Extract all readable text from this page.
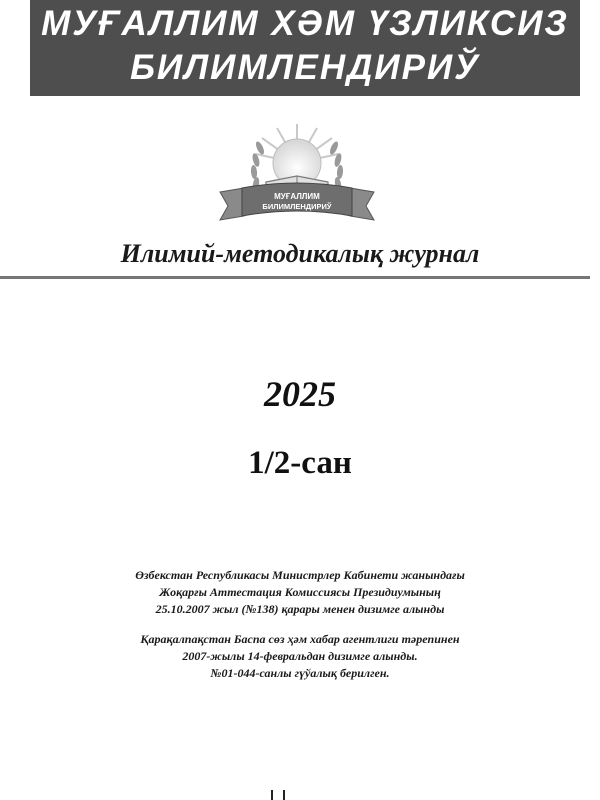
МУҒАЛЛИМ ХӘМ ҮЗЛИКСИЗ
БИЛИМЛЕНДИРИЎ
МУҒАЛЛИМ
БИЛИМЛЕНДИРИЎ
Илимий-методикалық журнал
2025
1/2-сан
Өзбекстан Республикасы Министрлер Кабинети жанындағы
Жоқарғы Аттестация Комиссиясы Президиумының
25.10.2007 жыл (№138) қарары менен дизимге алынды
Қарақалпақстан Баспа сөз ҳәм хабар агентлиги тәрепинен
2007-жылы 14-февральдан дизимге алынды.
№01-044-санлы гүўалық берилген.
